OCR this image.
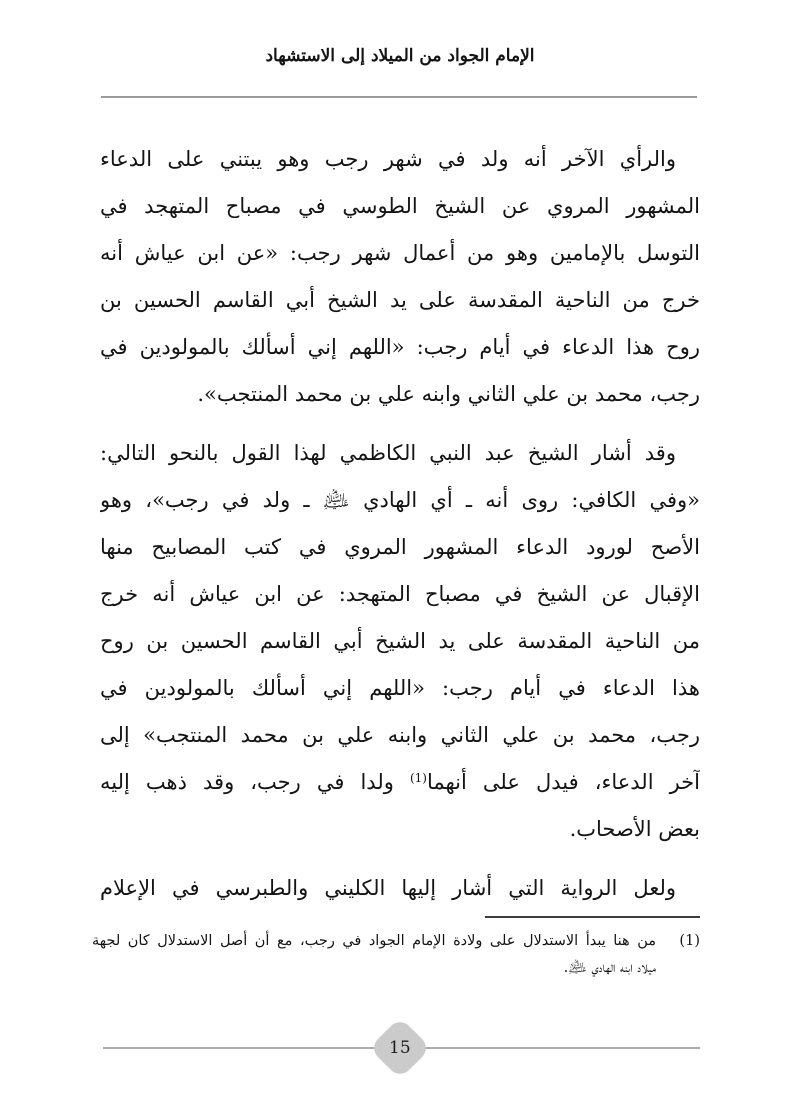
الإمام الجواد من الميلاد إلى الاستشهاد
والرأي الآخر أنه ولد في شهر رجب وهو يبتني على الدعاء
المشهور المروي عن الشيخ الطوسي في مصباح المتهجد في
التوسل بالإمامين وهو من أعمال شهر رجب: «عن ابن عياش أنه
خرج من الناحية المقدسة على يد الشيخ أبي القاسم الحسين بن
روح هذا الدعاء في أيام رجب: «اللهم إني أسألك بالمولودين في
رجب، محمد بن علي الثاني وابنه علي بن محمد المنتجب».
وقد أشار الشيخ عبد النبي الكاظمي لهذا القول بالنحو التالي:
«وفي الكافي: روى أنه ـ أي الهادي ﵇ ـ ولد في رجب»، وهو
الأصح لورود الدعاء المشهور المروي في كتب المصابيح منها
الإقبال عن الشيخ في مصباح المتهجد: عن ابن عياش أنه خرج
من الناحية المقدسة على يد الشيخ أبي القاسم الحسين بن روح
هذا الدعاء في أيام رجب: «اللهم إني أسألك بالمولودين في
رجب، محمد بن علي الثاني وابنه علي بن محمد المنتجب» إلى
آخر الدعاء، فيدل على أنهما$^{(1)}$ ولدا في رجب، وقد ذهب إليه
بعض الأصحاب.
ولعل الرواية التي أشار إليها الكليني والطبرسي في الإعلام
(1)
من هنا يبدأ الاستدلال على ولادة الإمام الجواد في رجب، مع أن أصل الاستدلال كان لجهة
ميلاد ابنه الهادي ﵇.
15
